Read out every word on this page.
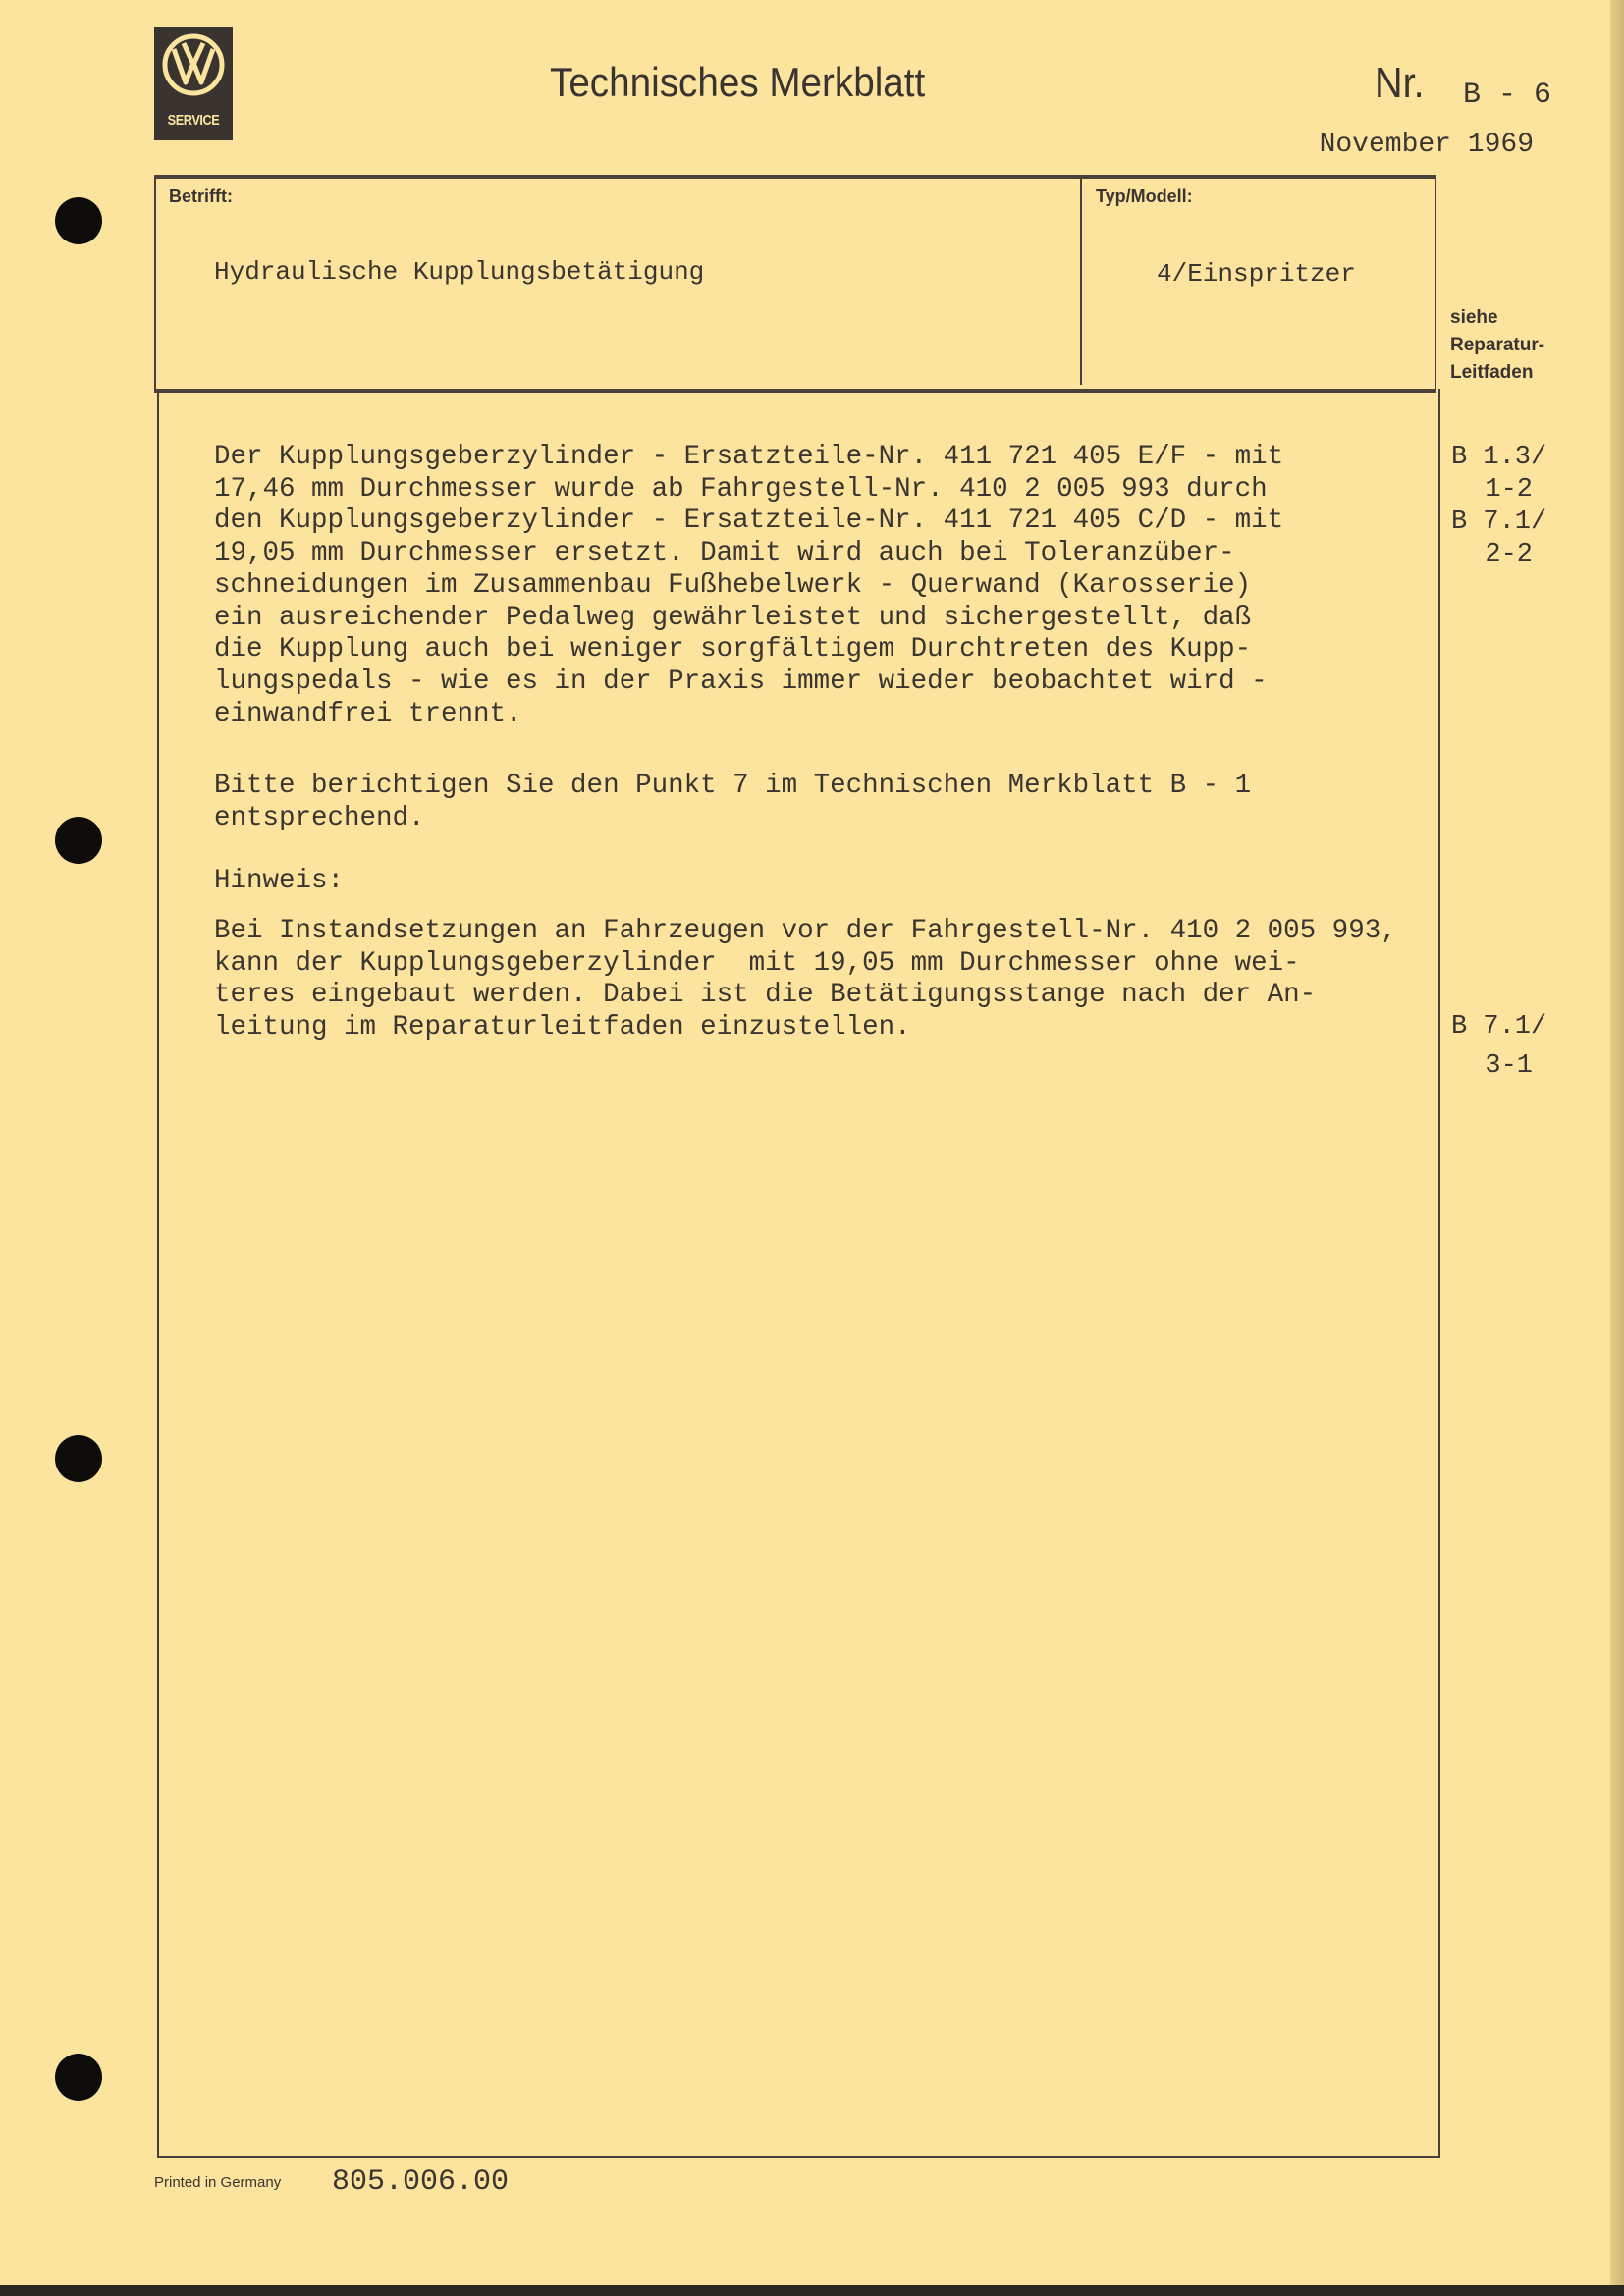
SERVICE
Technisches Merkblatt	Nr. B - 6
November 1969
Betrifft:	Typ/Modell:
Hydraulische Kupplungsbetätigung	4/Einspritzer
siehe
Reparatur-
Leitfaden
Der Kupplungsgeberzylinder - Ersatzteile-Nr. 411 721 405 E/F - mit
17,46 mm Durchmesser wurde ab Fahrgestell-Nr. 410 2 005 993 durch
den Kupplungsgeberzylinder - Ersatzteile-Nr. 411 721 405 C/D - mit
19,05 mm Durchmesser ersetzt. Damit wird auch bei Toleranzüber-
schneidungen im Zusammenbau Fußhebelwerk - Querwand (Karosserie)
ein ausreichender Pedalweg gewährleistet und sichergestellt, daß
die Kupplung auch bei weniger sorgfältigem Durchtreten des Kupp-
lungspedals - wie es in der Praxis immer wieder beobachtet wird -
einwandfrei trennt.
Bitte berichtigen Sie den Punkt 7 im Technischen Merkblatt B - 1
entsprechend.
Hinweis:
Bei Instandsetzungen an Fahrzeugen vor der Fahrgestell-Nr. 410 2 005 993,
kann der Kupplungsgeberzylinder  mit 19,05 mm Durchmesser ohne wei-
teres eingebaut werden. Dabei ist die Betätigungsstange nach der An-
leitung im Reparaturleitfaden einzustellen.
B 1.3/
1-2
B 7.1/
2-2
B 7.1/
3-1
Printed in Germany 805.006.00
